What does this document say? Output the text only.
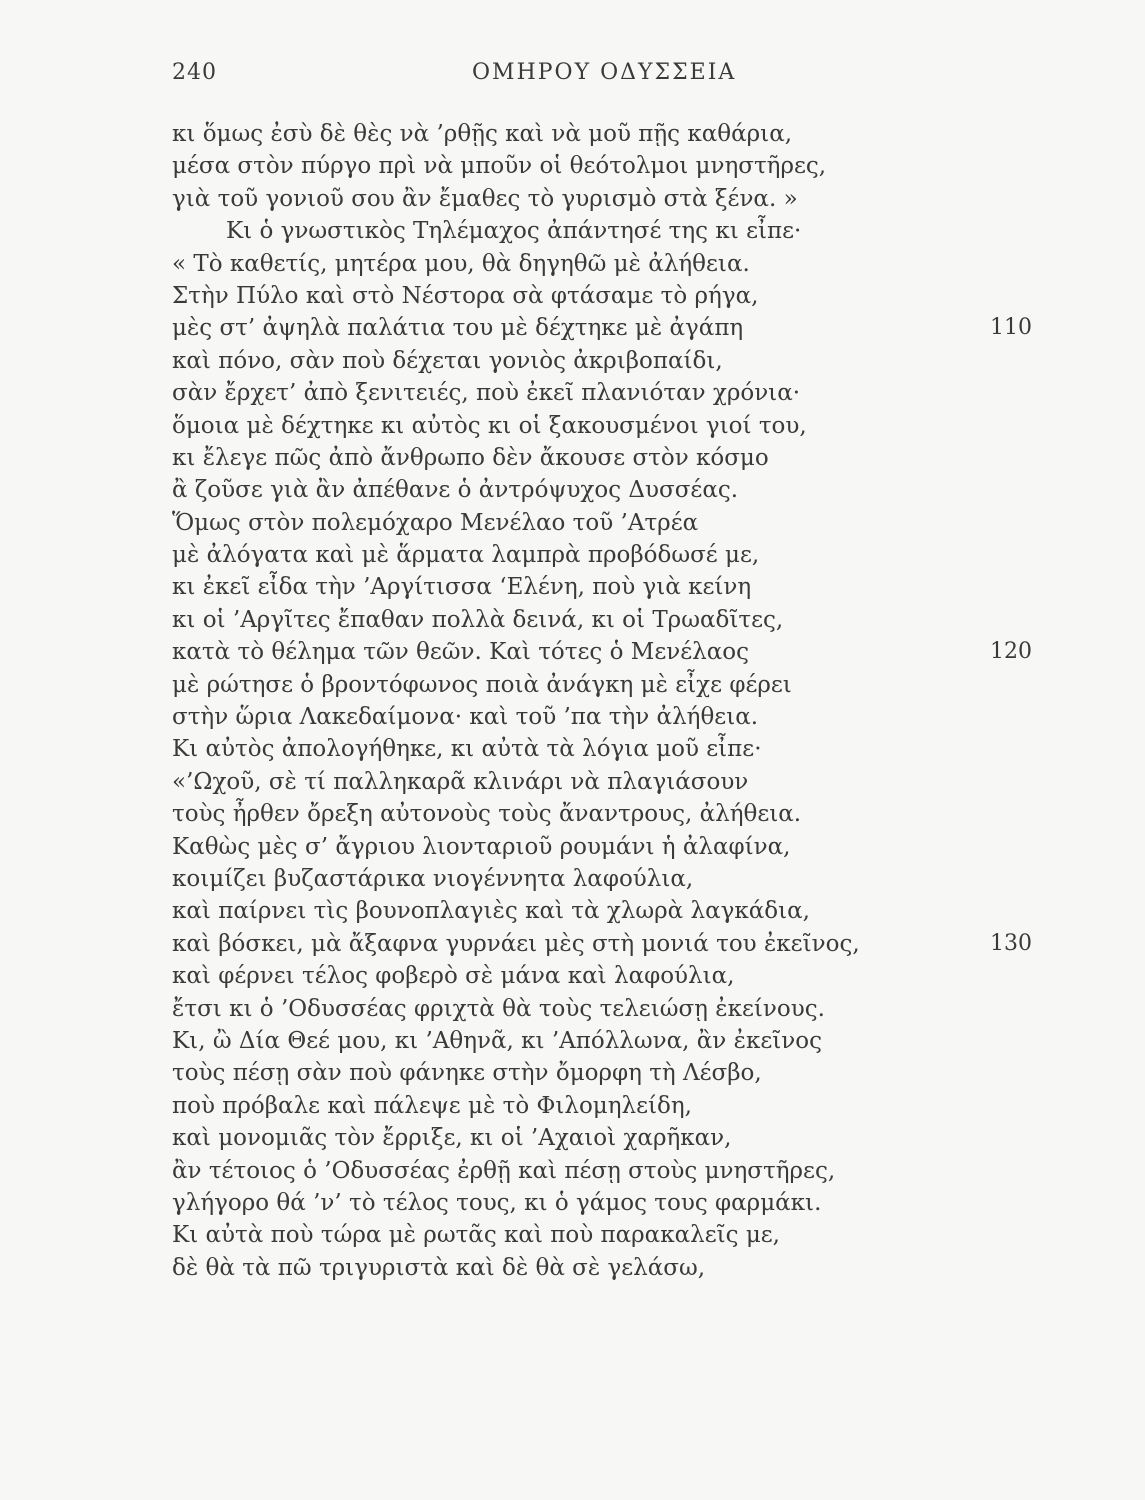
240	ΟΜΗΡΟΥ ΟΔΥΣΣΕΙΑ
κι ὅμως ἐσὺ δὲ θὲς νὰ ’ρθῇς καὶ νὰ μοῦ πῇς καθάρια,
μέσα στὸν πύργο πρὶ νὰ μποῦν οἱ θεότολμοι μνηστῆρες,
γιὰ τοῦ γονιοῦ σου ἂν ἔμαθες τὸ γυρισμὸ στὰ ξένα. »
Κι ὁ γνωστικὸς Τηλέμαχος ἀπάντησέ της κι εἶπε·
« Τὸ καθετίς, μητέρα μου, θὰ δηγηθῶ μὲ ἀλήθεια.
Στὴν Πύλο καὶ στὸ Νέστορα σὰ φτάσαμε τὸ ρήγα,
μὲς στ’ ἀψηλὰ παλάτια του μὲ δέχτηκε μὲ ἀγάπη	110
καὶ πόνο, σὰν ποὺ δέχεται γονιὸς ἀκριβοπαίδι,
σὰν ἔρχετ’ ἀπὸ ξενιτειές, ποὺ ἐκεῖ πλανιόταν χρόνια·
ὅμοια μὲ δέχτηκε κι αὐτὸς κι οἱ ξακουσμένοι γιοί του,
κι ἔλεγε πῶς ἀπὸ ἄνθρωπο δὲν ἄκουσε στὸν κόσμο
ἂ ζοῦσε γιὰ ἂν ἀπέθανε ὁ ἀντρόψυχος Δυσσέας.
Ὅμως στὸν πολεμόχαρο Μενέλαο τοῦ ’Ατρέα
μὲ ἀλόγατα καὶ μὲ ἅρματα λαμπρὰ προβόδωσέ με,
κι ἐκεῖ εἶδα τὴν ’Αργίτισσα ‘Ελένη, ποὺ γιὰ κείνη
κι οἱ ’Αργῖτες ἔπαθαν πολλὰ δεινά, κι οἱ Τρωαδῖτες,
κατὰ τὸ θέλημα τῶν θεῶν. Καὶ τότες ὁ Μενέλαος	120
μὲ ρώτησε ὁ βροντόφωνος ποιὰ ἀνάγκη μὲ εἶχε φέρει
στὴν ὥρια Λακεδαίμονα· καὶ τοῦ ’πα τὴν ἀλήθεια.
Κι αὐτὸς ἀπολογήθηκε, κι αὐτὰ τὰ λόγια μοῦ εἶπε·
«’Ωχοῦ, σὲ τί παλληκαρᾶ κλινάρι νὰ πλαγιάσουν
τοὺς ἦρθεν ὄρεξη αὐτονοὺς τοὺς ἄναντρους, ἀλήθεια.
Καθὼς μὲς σ’ ἄγριου λιονταριοῦ ρουμάνι ἡ ἀλαφίνα,
κοιμίζει βυζαστάρικα νιογέννητα λαφούλια,
καὶ παίρνει τὶς βουνοπλαγιὲς καὶ τὰ χλωρὰ λαγκάδια,
καὶ βόσκει, μὰ ἄξαφνα γυρνάει μὲς στὴ μονιά του ἐκεῖνος,	130
καὶ φέρνει τέλος φοβερὸ σὲ μάνα καὶ λαφούλια,
ἔτσι κι ὁ ’Οδυσσέας φριχτὰ θὰ τοὺς τελειώσῃ ἐκείνους.
Κι, ὢ Δία Θεέ μου, κι ’Αθηνᾶ, κι ’Απόλλωνα, ἂν ἐκεῖνος
τοὺς πέσῃ σὰν ποὺ φάνηκε στὴν ὄμορφη τὴ Λέσβο,
ποὺ πρόβαλε καὶ πάλεψε μὲ τὸ Φιλομηλείδη,
καὶ μονομιᾶς τὸν ἔρριξε, κι οἱ ’Αχαιοὶ χαρῆκαν,
ἂν τέτοιος ὁ ’Οδυσσέας ἐρθῇ καὶ πέσῃ στοὺς μνηστῆρες,
γλήγορο θά ’ν’ τὸ τέλος τους, κι ὁ γάμος τους φαρμάκι.
Κι αὐτὰ ποὺ τώρα μὲ ρωτᾶς καὶ ποὺ παρακαλεῖς με,
δὲ θὰ τὰ πῶ τριγυριστὰ καὶ δὲ θὰ σὲ γελάσω,
